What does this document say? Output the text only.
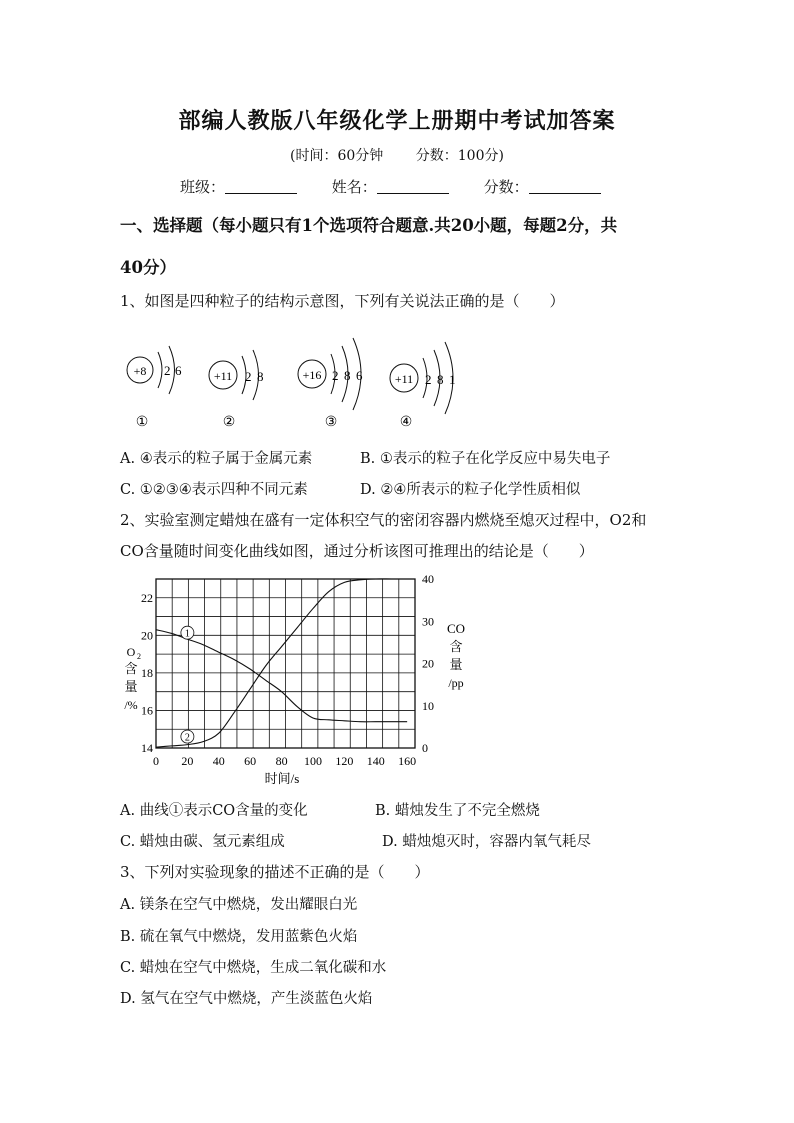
部编人教版八年级化学上册期中考试加答案
(时间：60分钟 分数：100分)
班级：	姓名：	分数：
一、选择题（每小题只有1个选项符合题意.共20小题，每题2分，共
40分）
1、如图是四种粒子的结构示意图，下列有关说法正确的是（　　）
+8 2 6
①
+11 2 8
②
+16 2 8 6
③
+11 2 8 1
④
A. ④表示的粒子属于金属元素	B. ①表示的粒子在化学反应中易失电子
C. ①②③④表示四种不同元素	D. ②④所表示的粒子化学性质相似
2、实验室测定蜡烛在盛有一定体积空气的密闭容器内燃烧至熄灭过程中，O2和
CO含量随时间变化曲线如图，通过分析该图可推理出的结论是（　　）
0 20 40 60 80 100 120 140 160
14
16
18
20
22
0
10
20
30
40
1
2
O 2
含
量
/%
CO
含
量
/pp
时间/s
A. 曲线①表示CO含量的变化	B. 蜡烛发生了不完全燃烧
C. 蜡烛由碳、氢元素组成	D. 蜡烛熄灭时，容器内氧气耗尽
3、下列对实验现象的描述不正确的是（　　）
A. 镁条在空气中燃烧，发出耀眼白光
B. 硫在氧气中燃烧，发用蓝紫色火焰
C. 蜡烛在空气中燃烧，生成二氧化碳和水
D. 氢气在空气中燃烧，产生淡蓝色火焰
